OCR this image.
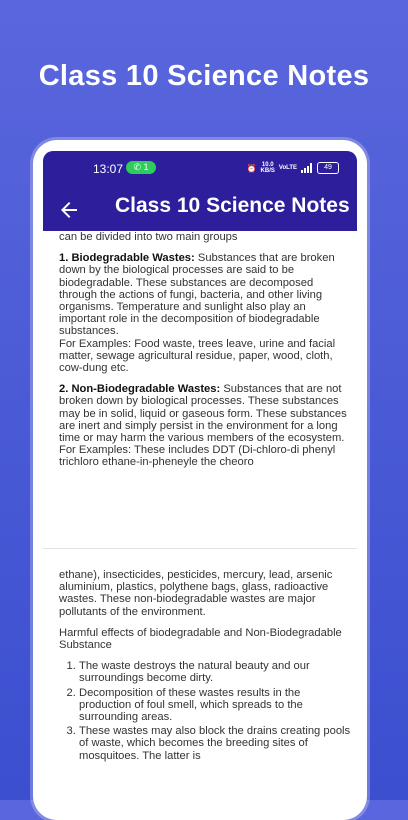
Class 10 Science Notes
13:07	✆ 1	⏰ 10.0
KB/S VoLTE	49
Class 10 Science Notes

can be divided into two main groups

1. Biodegradable Wastes: Substances that are broken down by the biological processes are said to be biodegradable. These substances are decomposed through the actions of fungi, bacteria, and other living organisms. Temperature and sunlight also play an important role in the decomposition of biodegradable substances.
For Examples: Food waste, trees leave, urine and facial matter, sewage agricultural residue, paper, wood, cloth, cow-dung etc.

2. Non-Biodegradable Wastes: Substances that are not broken down by biological processes. These substances may be in solid, liquid or gaseous form. These substances are inert and simply persist in the environment for a long time or may harm the various members of the ecosystem.
For Examples: These includes DDT (Di-chloro-di phenyl trichloro ethane-in-pheneyle the cheoro

ethane), insecticides, pesticides, mercury, lead, arsenic aluminium, plastics, polythene bags, glass, radioactive wastes. These non-biodegradable wastes are major pollutants of the environment.

Harmful effects of biodegradable and Non-Biodegradable Substance

1. The waste destroys the natural beauty and our surroundings become dirty.
2. Decomposition of these wastes results in the production of foul smell, which spreads to the surrounding areas.
3. These wastes may also block the drains creating pools of waste, which becomes the breeding sites of mosquitoes. The latter is
